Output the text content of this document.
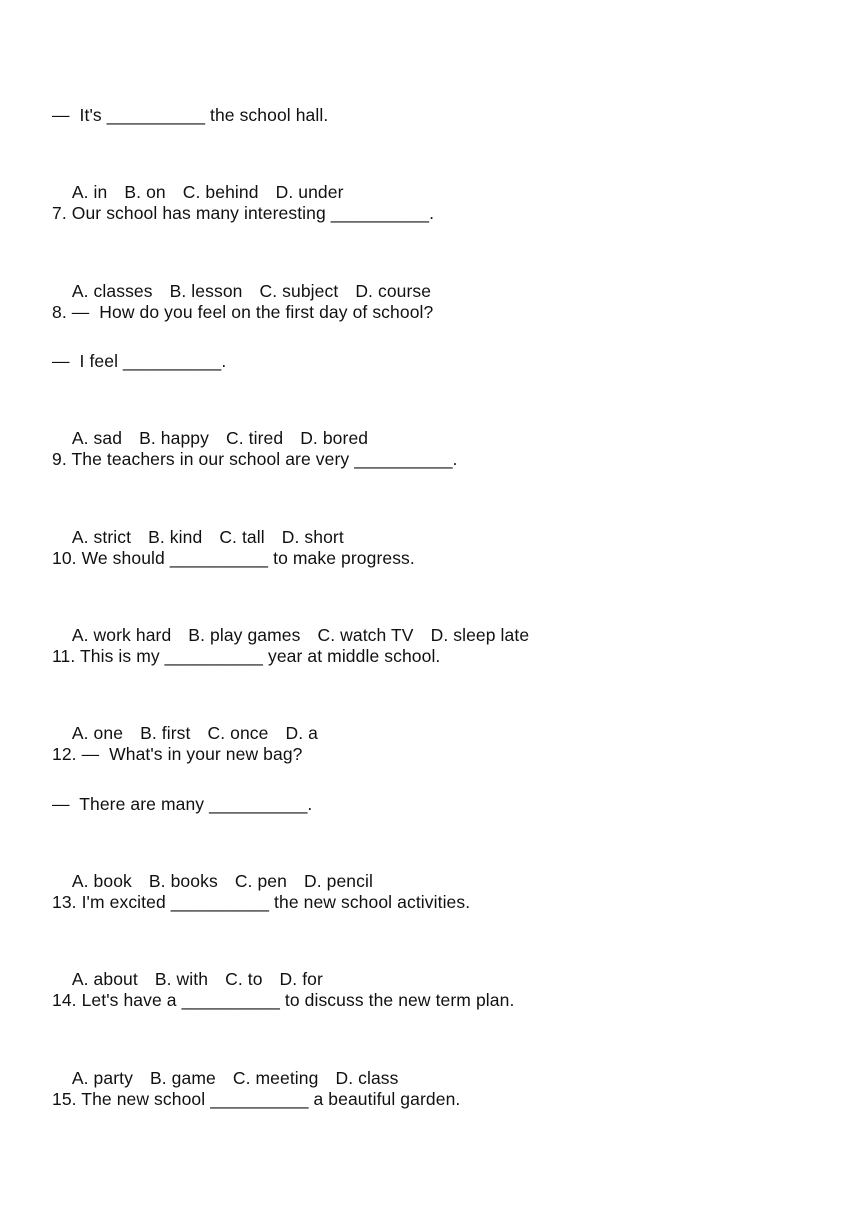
—  It's __________ the school hall.

A. in B. on C. behind D. under

7. Our school has many interesting __________.

A. classes B. lesson C. subject D. course

8. —  How do you feel on the first day of school?
—  I feel __________.

A. sad B. happy C. tired D. bored

9. The teachers in our school are very __________.

A. strict B. kind C. tall D. short

10. We should __________ to make progress.

A. work hard B. play games C. watch TV D. sleep late

11. This is my __________ year at middle school.

A. one B. first C. once D. a

12. —  What's in your new bag?
—  There are many __________.

A. book B. books C. pen D. pencil

13. I'm excited __________ the new school activities.

A. about B. with C. to D. for

14. Let's have a __________ to discuss the new term plan.

A. party B. game C. meeting D. class

15. The new school __________ a beautiful garden.
